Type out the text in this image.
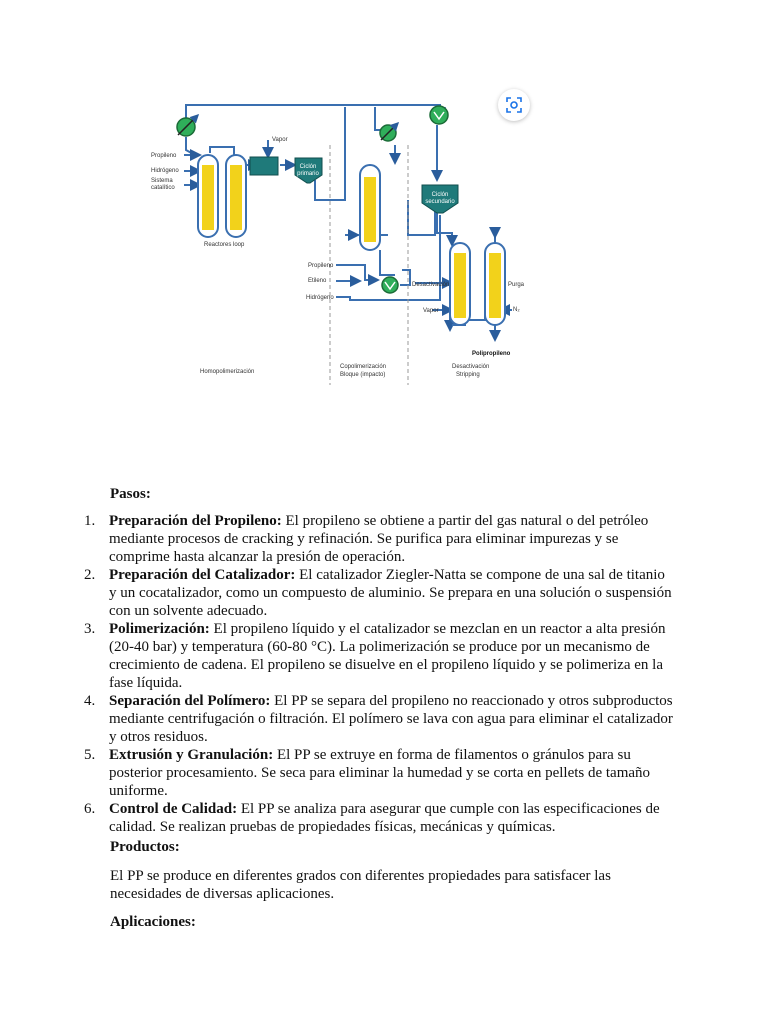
Ciclón
primario
Ciclón
secundario
Propileno
Hidrógeno
Sistema
catalítico
Vapor
Reactores loop
Propileno
Etileno
Hidrógeno
Desactivación	Purga
Vapor	N₂
Polipropileno
Homopolimerización
Copolimerización
Bloque (impacto)
Desactivación
Stripping
Pasos:
1. Preparación del Propileno: El propileno se obtiene a partir del gas natural o del petróleo mediante procesos de cracking y refinación. Se purifica para eliminar impurezas y se comprime hasta alcanzar la presión de operación.
2. Preparación del Catalizador: El catalizador Ziegler-Natta se compone de una sal de titanio y un cocatalizador, como un compuesto de aluminio. Se prepara en una solución o suspensión con un solvente adecuado.
3. Polimerización: El propileno líquido y el catalizador se mezclan en un reactor a alta presión (20-40 bar) y temperatura (60-80 °C). La polimerización se produce por un mecanismo de crecimiento de cadena. El propileno se disuelve en el propileno líquido y se polimeriza en la fase líquida.
4. Separación del Polímero: El PP se separa del propileno no reaccionado y otros subproductos mediante centrifugación o filtración. El polímero se lava con agua para eliminar el catalizador y otros residuos.
5. Extrusión y Granulación: El PP se extruye en forma de filamentos o gránulos para su posterior procesamiento. Se seca para eliminar la humedad y se corta en pellets de tamaño uniforme.
6. Control de Calidad: El PP se analiza para asegurar que cumple con las especificaciones de calidad. Se realizan pruebas de propiedades físicas, mecánicas y químicas.
Productos:
El PP se produce en diferentes grados con diferentes propiedades para satisfacer las necesidades de diversas aplicaciones.
Aplicaciones:
